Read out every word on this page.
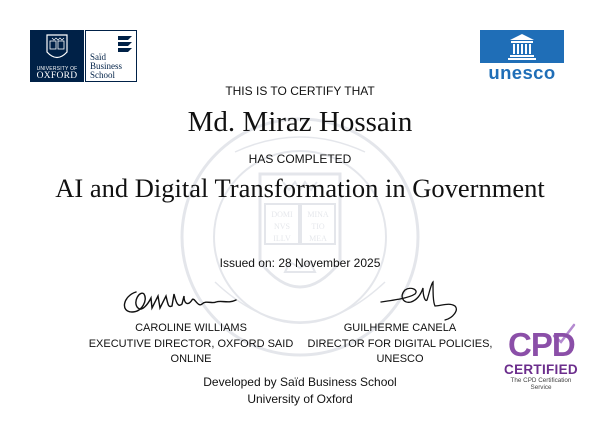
DOMI
NVS
ILLV
MINA
TIO
MEA
UNIVERSITY OF
OXFORD
Saïd
Business
School	unesco
THIS IS TO CERTIFY THAT
Md. Miraz Hossain
HAS COMPLETED
AI and Digital Transformation in Government
Issued on: 28 November 2025
CAROLINE WILLIAMS
EXECUTIVE DIRECTOR, OXFORD SAID
ONLINE
GUILHERME CANELA
DIRECTOR FOR DIGITAL POLICIES,
UNESCO
Developed by Saïd Business School
University of Oxford
CPD
CERTIFIED
The CPD Certification
Service
